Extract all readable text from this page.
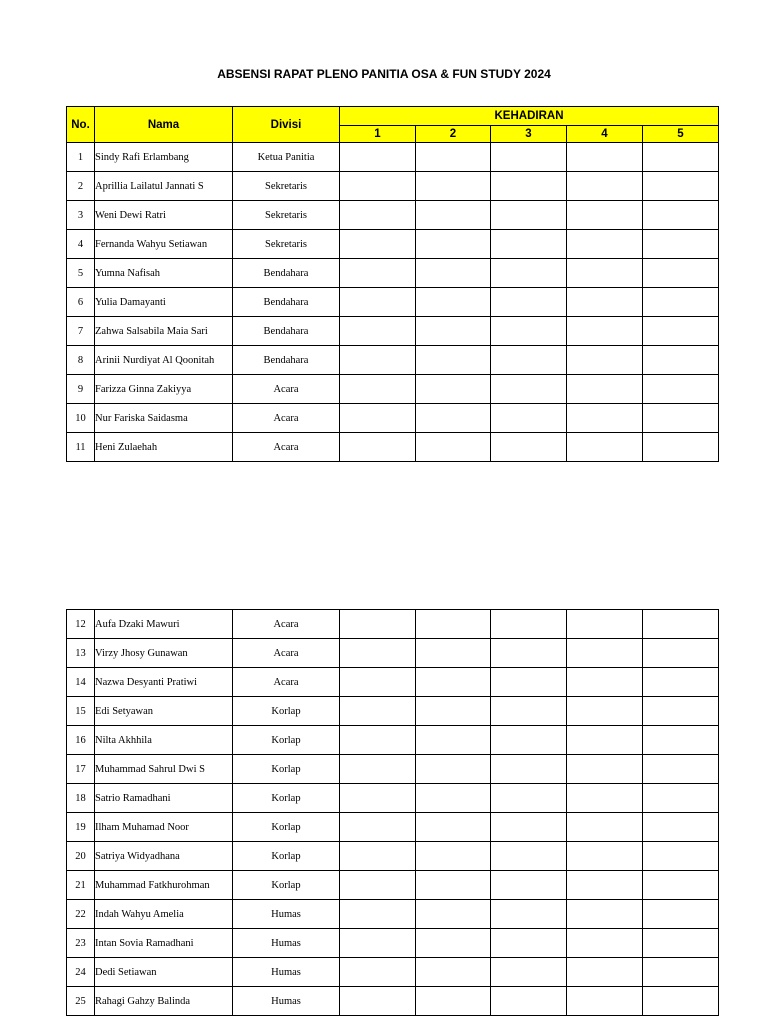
ABSENSI RAPAT PLENO PANITIA OSA & FUN STUDY 2024
No.	Nama	Divisi	KEHADIRAN				
			1	2	3	4	5
1	Sindy Rafi Erlambang	Ketua Panitia					
2	Aprillia Lailatul Jannati S	Sekretaris					
3	Weni Dewi Ratri	Sekretaris					
4	Fernanda Wahyu Setiawan	Sekretaris					
5	Yumna Nafisah	Bendahara					
6	Yulia Damayanti	Bendahara					
7	Zahwa Salsabila Maia Sari	Bendahara					
8	Arinii Nurdiyat Al Qoonitah	Bendahara					
9	Farizza Ginna Zakiyya	Acara					
10	Nur Fariska Saidasma	Acara					
11	Heni Zulaehah	Acara					
12	Aufa Dzaki Mawuri	Acara					
13	Virzy Jhosy Gunawan	Acara					
14	Nazwa Desyanti Pratiwi	Acara					
15	Edi Setyawan	Korlap					
16	Nilta Akhhila	Korlap					
17	Muhammad Sahrul Dwi S	Korlap					
18	Satrio Ramadhani	Korlap					
19	Ilham Muhamad Noor	Korlap					
20	Satriya Widyadhana	Korlap					
21	Muhammad Fatkhurohman	Korlap					
22	Indah Wahyu Amelia	Humas					
23	Intan Sovia Ramadhani	Humas					
24	Dedi Setiawan	Humas					
25	Rahagi Gahzy Balinda	Humas					
